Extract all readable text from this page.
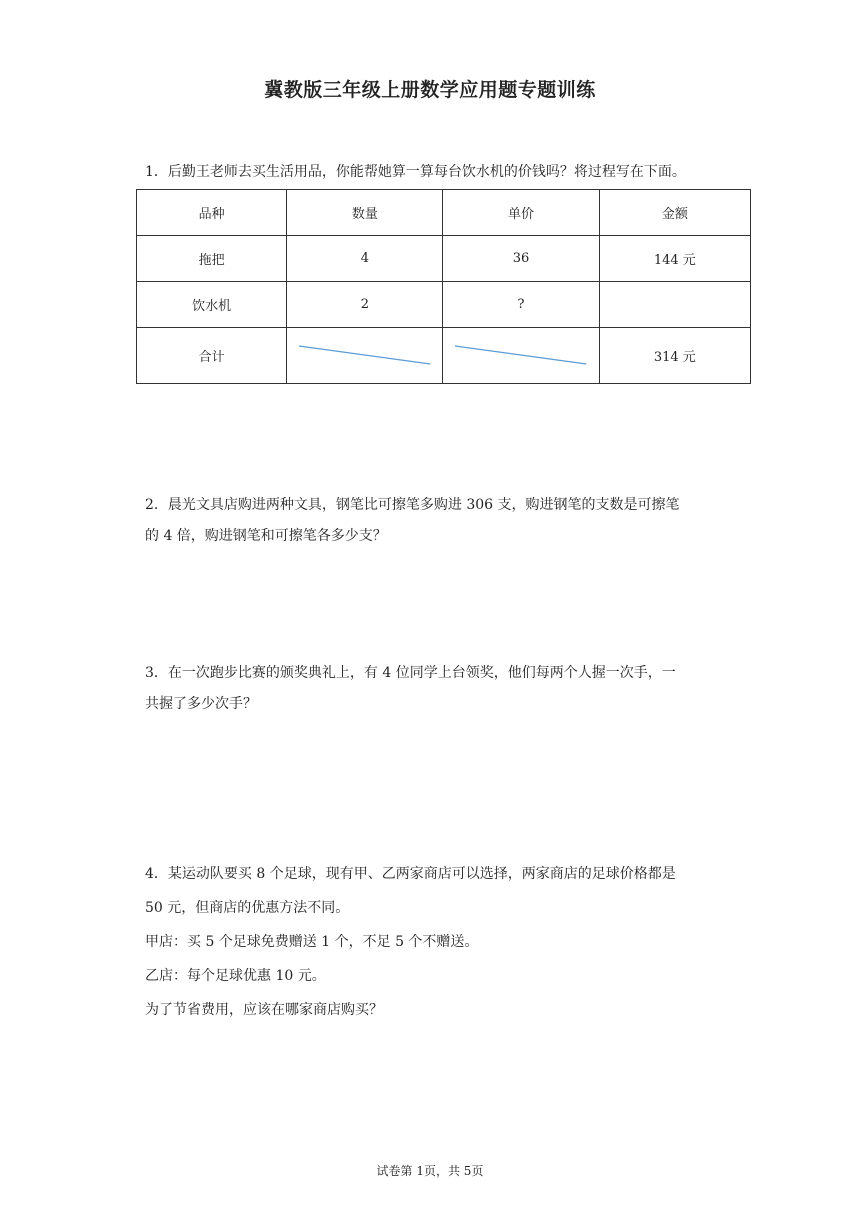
冀教版三年级上册数学应用题专题训练

1．后勤王老师去买生活用品，你能帮她算一算每台饮水机的价钱吗？将过程写在下面。

品种	数量	单价	金额
拖把	4	36	144 元
饮水机	2	?	
合计			314 元

2．晨光文具店购进两种文具，钢笔比可擦笔多购进 306 支，购进钢笔的支数是可擦笔

的 4 倍，购进钢笔和可擦笔各多少支？

3．在一次跑步比赛的颁奖典礼上，有 4 位同学上台领奖，他们每两个人握一次手，一

共握了多少次手？

4．某运动队要买 8 个足球，现有甲、乙两家商店可以选择，两家商店的足球价格都是

50 元，但商店的优惠方法不同。

甲店：买 5 个足球免费赠送 1 个，不足 5 个不赠送。

乙店：每个足球优惠 10 元。

为了节省费用，应该在哪家商店购买？

试卷第 1页，共 5页
